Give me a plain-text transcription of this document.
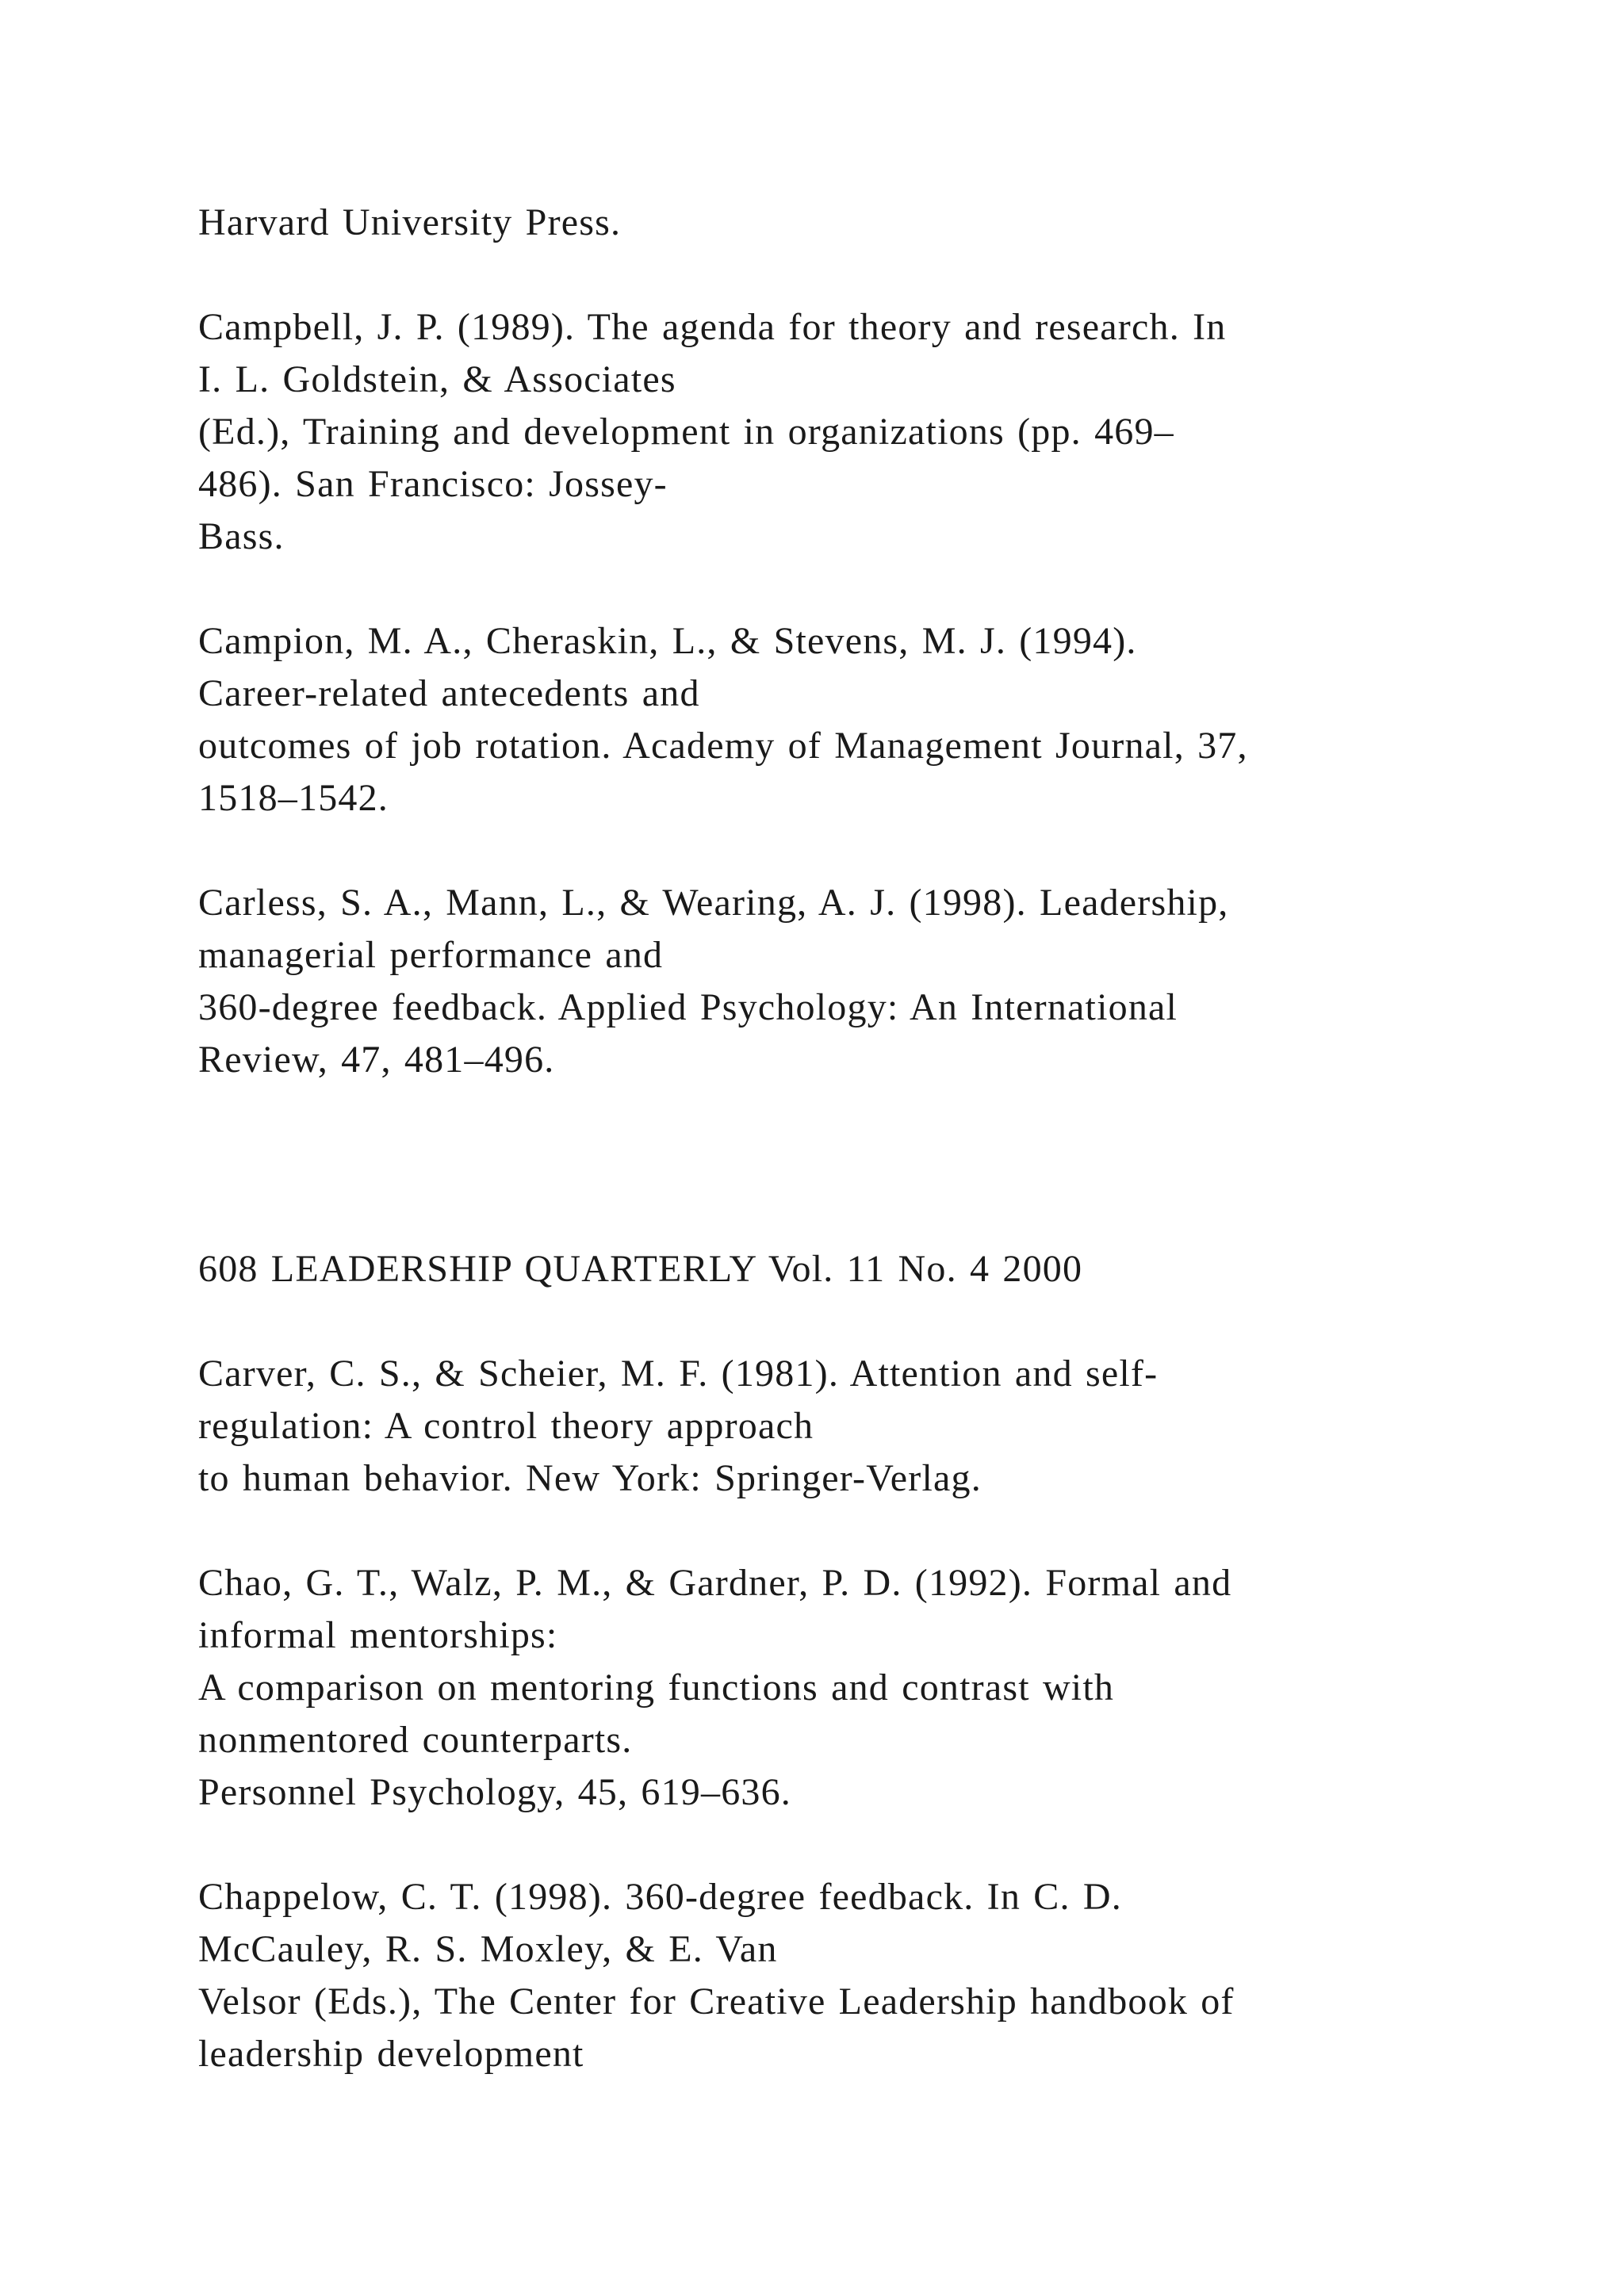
Harvard University Press.
Campbell, J. P. (1989). The agenda for theory and research. In
I. L. Goldstein, & Associates
(Ed.), Training and development in organizations (pp. 469–
486). San Francisco: Jossey-
Bass.
Campion, M. A., Cheraskin, L., & Stevens, M. J. (1994).
Career-related antecedents and
outcomes of job rotation. Academy of Management Journal, 37,
1518–1542.
Carless, S. A., Mann, L., & Wearing, A. J. (1998). Leadership,
managerial performance and
360-degree feedback. Applied Psychology: An International
Review, 47, 481–496.
608 LEADERSHIP QUARTERLY Vol. 11 No. 4 2000
Carver, C. S., & Scheier, M. F. (1981). Attention and self-
regulation: A control theory approach
to human behavior. New York: Springer-Verlag.
Chao, G. T., Walz, P. M., & Gardner, P. D. (1992). Formal and
informal mentorships:
A comparison on mentoring functions and contrast with
nonmentored counterparts.
Personnel Psychology, 45, 619–636.
Chappelow, C. T. (1998). 360-degree feedback. In C. D.
McCauley, R. S. Moxley, & E. Van
Velsor (Eds.), The Center for Creative Leadership handbook of
leadership development
